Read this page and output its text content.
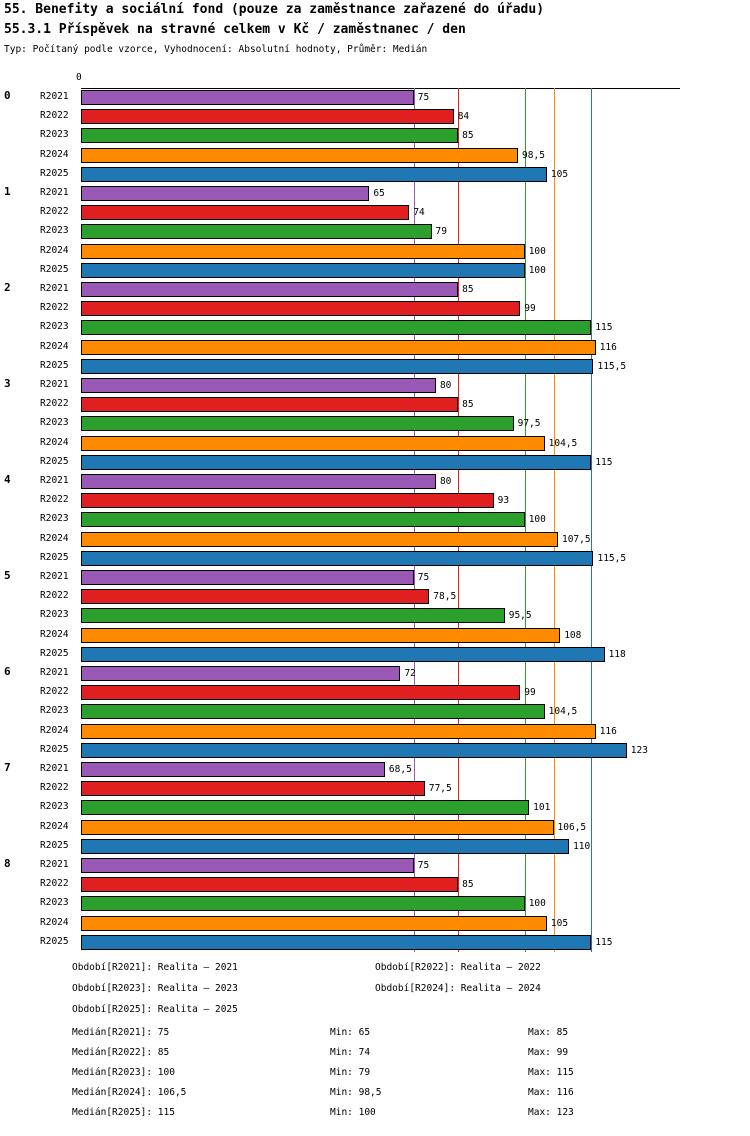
55. Benefity a sociální fond (pouze za zaměstnance zařazené do úřadu)
55.3.1 Příspěvek na stravné celkem v Kč / zaměstnanec / den
Typ: Počítaný podle vzorce, Vyhodnocení: Absolutní hodnoty, Průměr: Medián
0
Období[R2021]: Realita – 2021	Období[R2022]: Realita – 2022
Období[R2023]: Realita – 2023	Období[R2024]: Realita – 2024
Období[R2025]: Realita – 2025
Medián[R2021]: 75	Min: 65	Max: 85
Medián[R2022]: 85	Min: 74	Max: 99
Medián[R2023]: 100	Min: 79	Max: 115
Medián[R2024]: 106,5	Min: 98,5	Max: 116
Medián[R2025]: 115	Min: 100	Max: 123
0	R2021	75
R2022	84
R2023	85
R2024	98,5
R2025	105
1	R2021	65
R2022	74
R2023	79
R2024	100
R2025	100
2	R2021	85
R2022	99
R2023	115
R2024	116
R2025	115,5
3	R2021	80
R2022	85
R2023	97,5
R2024	104,5
R2025	115
4	R2021	80
R2022	93
R2023	100
R2024	107,5
R2025	115,5
5	R2021	75
R2022	78,5
R2023	95,5
R2024	108
R2025	118
6	R2021	72
R2022	99
R2023	104,5
R2024	116
R2025	123
7	R2021	68,5
R2022	77,5
R2023	101
R2024	106,5
R2025	110
8	R2021	75
R2022	85
R2023	100
R2024	105
R2025	115
